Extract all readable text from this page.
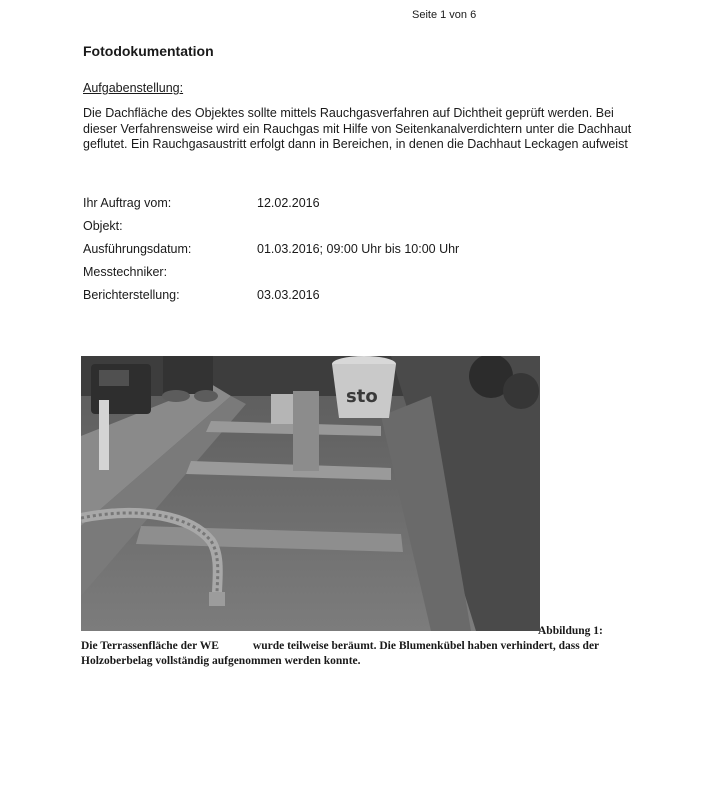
Seite 1 von 6
Fotodokumentation
Aufgabenstellung:

Die Dachfläche des Objektes sollte mittels Rauchgasverfahren auf Dichtheit geprüft werden. Bei dieser Verfahrensweise wird ein Rauchgas mit Hilfe von Seitenkanalverdichtern unter die Dachhaut geflutet. Ein Rauchgasaustritt erfolgt dann in Bereichen, in denen die Dachhaut Leckagen aufweist

Ihr Auftrag vom:	12.02.2016
Objekt:
Ausführungsdatum:	01.03.2016; 09:00 Uhr bis 10:00 Uhr
Messtechniker:
Berichterstellung:	03.03.2016
sto
Abbildung 1:

Die Terrassenfläche der WE	wurde teilweise beräumt. Die Blumenkübel haben verhindert, dass der Holzoberbelag vollständig aufgenommen werden konnte.
